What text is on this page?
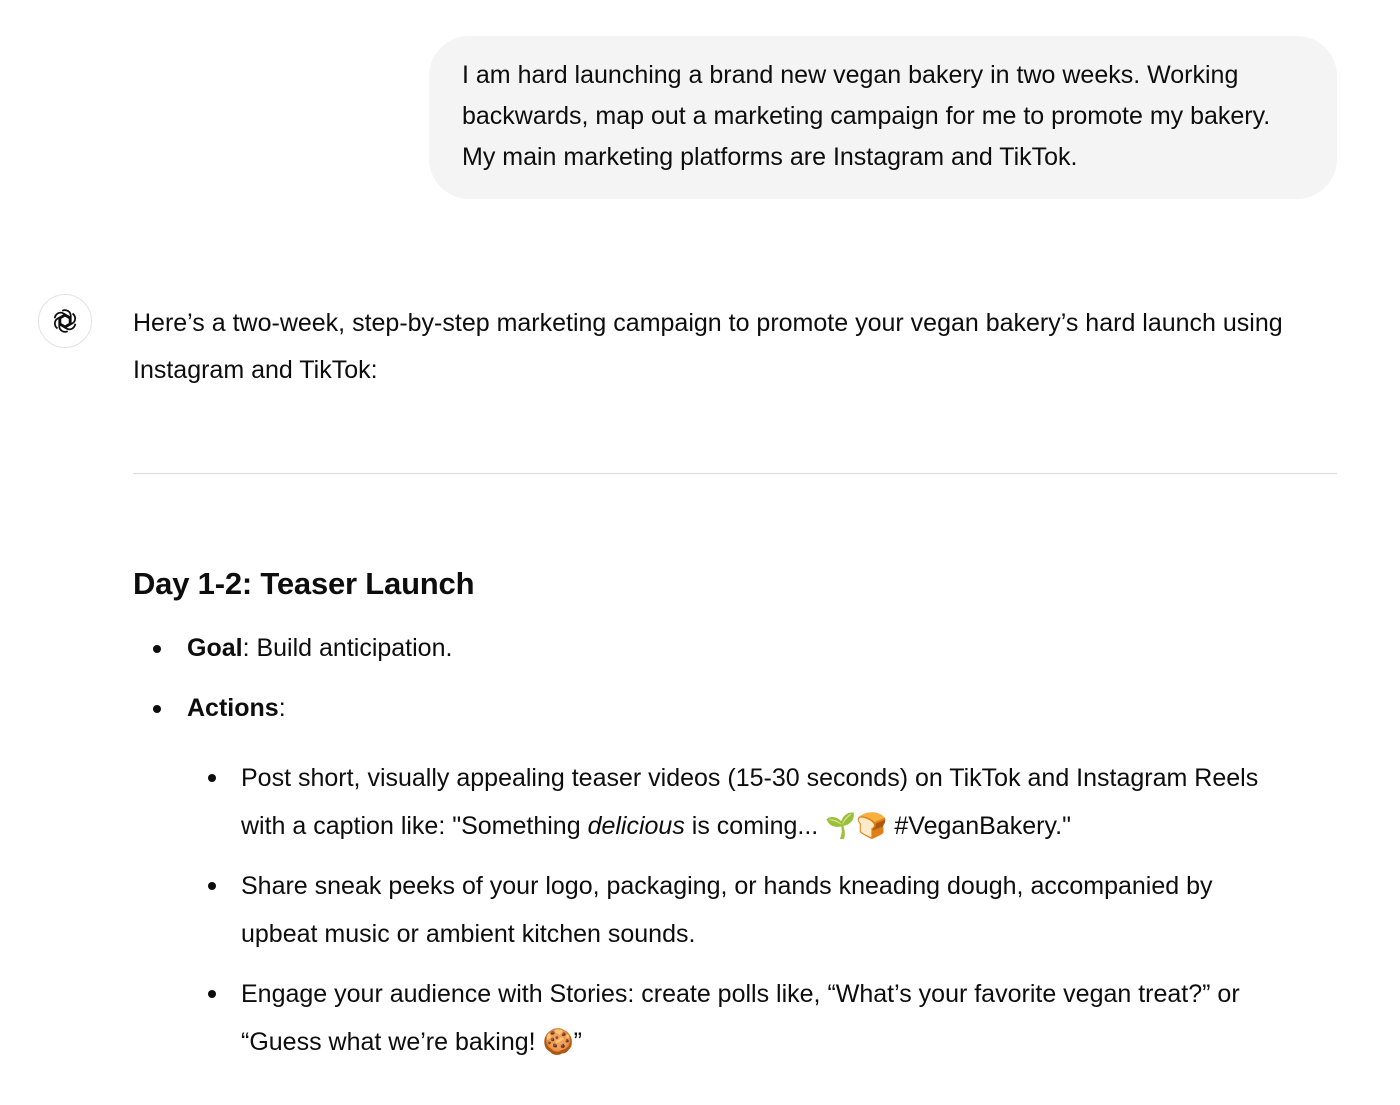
I am hard launching a brand new vegan bakery in two weeks. Working backwards, map out a marketing campaign for me to promote my bakery. My main marketing platforms are Instagram and TikTok.

Here’s a two-week, step-by-step marketing campaign to promote your vegan bakery’s hard launch using Instagram and TikTok:

Day 1-2: Teaser Launch
Goal: Build anticipation.
Actions:
Post short, visually appealing teaser videos (15-30 seconds) on TikTok and Instagram Reels with a caption like: "Something delicious is coming... 🌱🍞 #VeganBakery."
Share sneak peeks of your logo, packaging, or hands kneading dough, accompanied by upbeat music or ambient kitchen sounds.
Engage your audience with Stories: create polls like, “What’s your favorite vegan treat?” or “Guess what we’re baking! 🍪”
